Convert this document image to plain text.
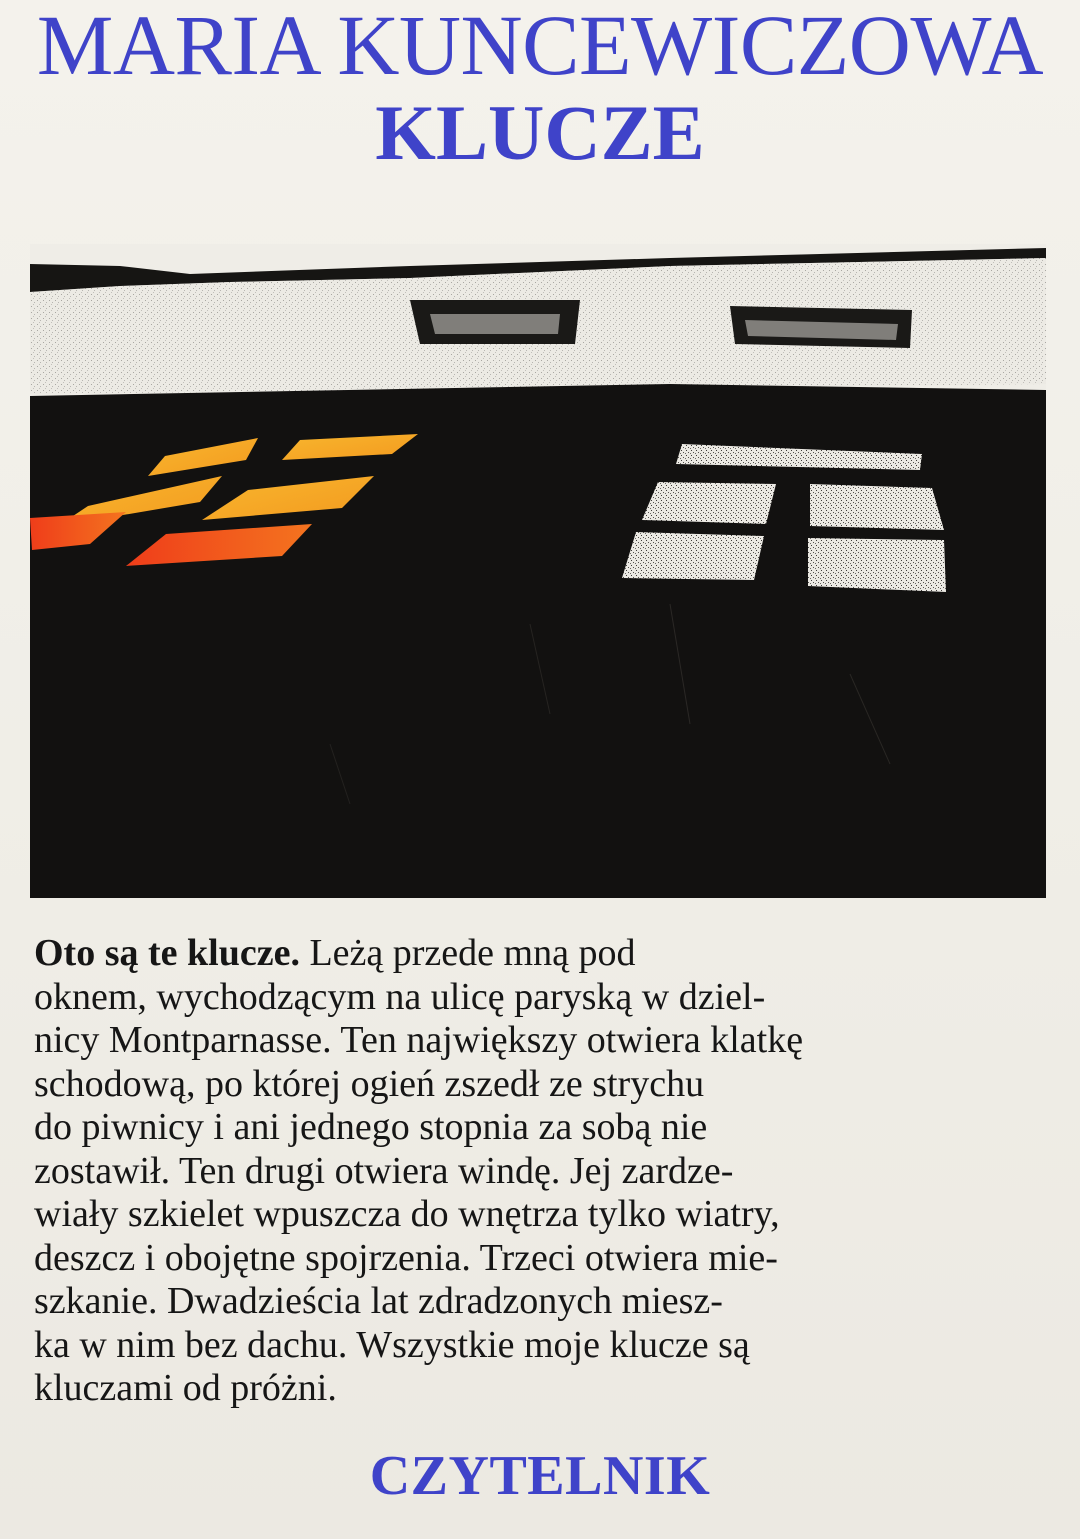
MARIA KUNCEWICZOWA
KLUCZE
Oto są te klucze. Leżą przede mną pod
oknem, wychodzącym na ulicę paryską w dziel-
nicy Montparnasse. Ten największy otwiera klatkę
schodową, po której ogień zszedł ze strychu
do piwnicy i ani jednego stopnia za sobą nie
zostawił. Ten drugi otwiera windę. Jej zardze-
wiały szkielet wpuszcza do wnętrza tylko wiatry,
deszcz i obojętne spojrzenia. Trzeci otwiera mie-
szkanie. Dwadzieścia lat zdradzonych miesz-
ka w nim bez dachu. Wszystkie moje klucze są
kluczami od próżni.
CZYTELNIK
